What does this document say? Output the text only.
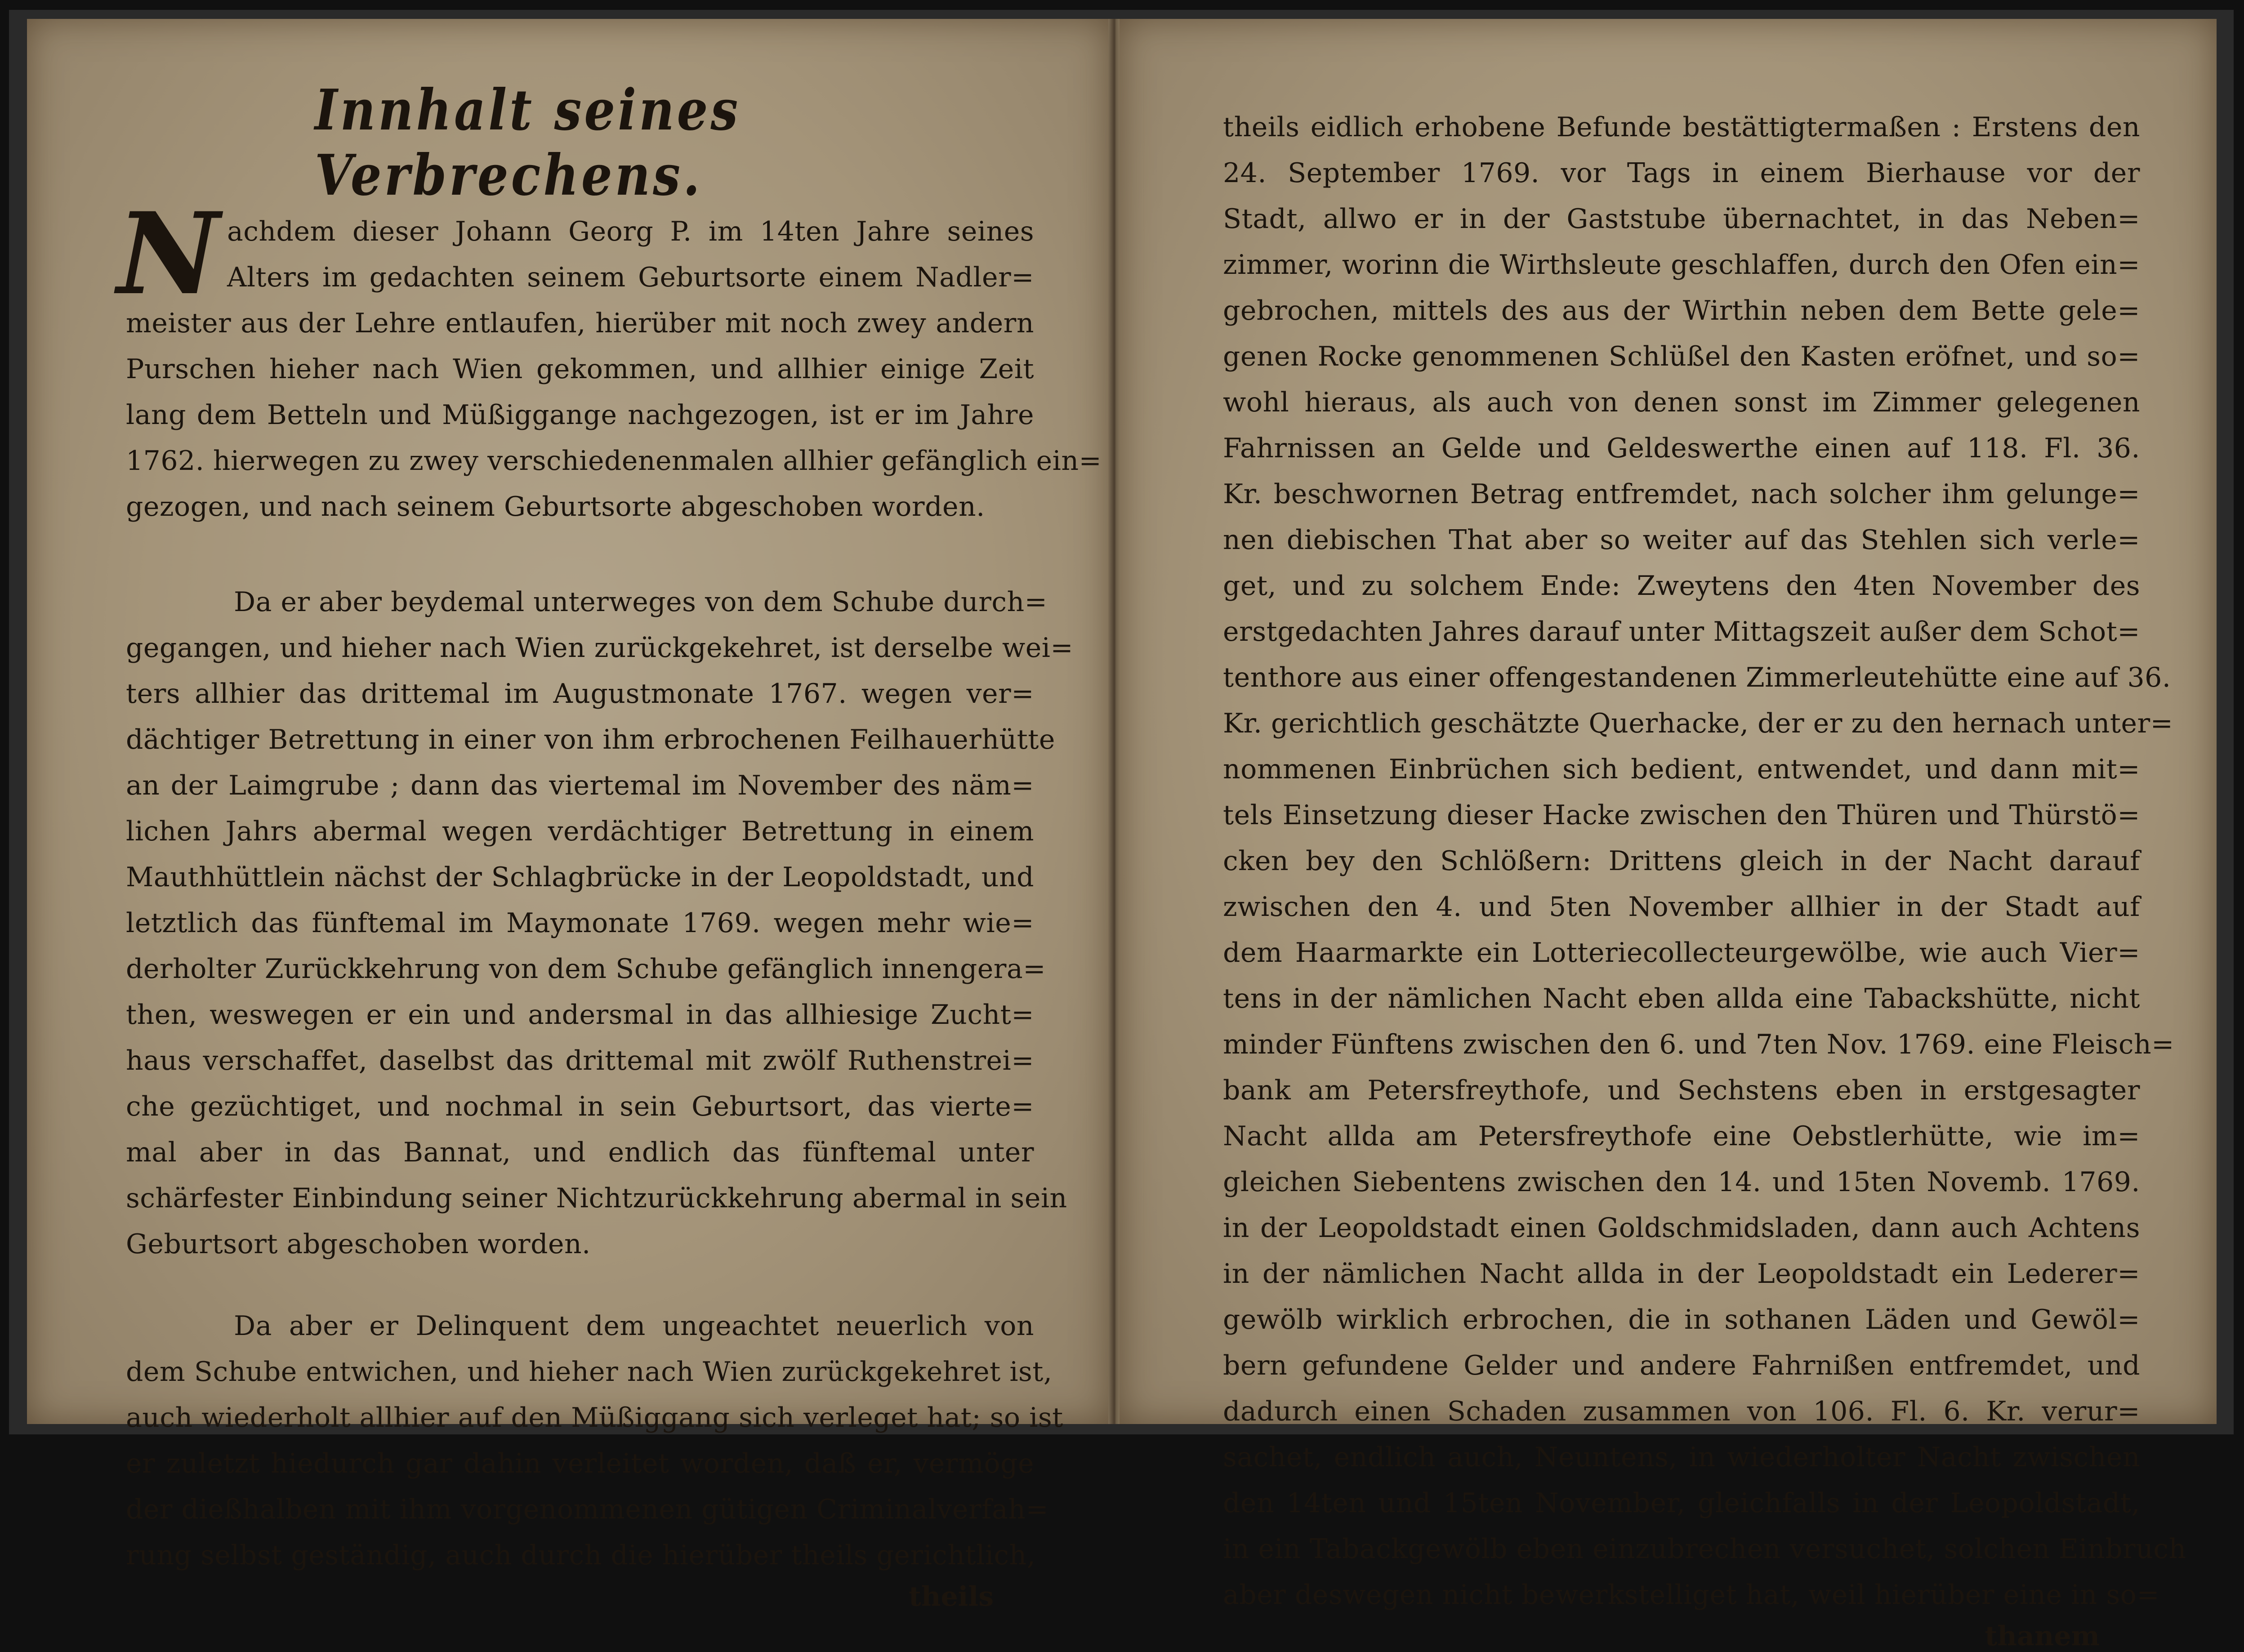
Innhalt seines Verbrechens.
N achdem dieser Johann Georg P. im 14ten Jahre seines
Alters im gedachten seinem Geburtsorte einem Nadler=
meister aus der Lehre entlaufen, hierüber mit noch zwey andern
Purschen hieher nach Wien gekommen, und allhier einige Zeit
lang dem Betteln und Müßiggange nachgezogen, ist er im Jahre
1762. hierwegen zu zwey verschiedenenmalen allhier gefänglich ein=
gezogen, und nach seinem Geburtsorte abgeschoben worden.
Da er aber beydemal unterweges von dem Schube durch=
gegangen, und hieher nach Wien zurückgekehret, ist derselbe wei=
ters allhier das drittemal im Augustmonate 1767. wegen ver=
dächtiger Betrettung in einer von ihm erbrochenen Feilhauerhütte
an der Laimgrube ; dann das viertemal im November des näm=
lichen Jahrs abermal wegen verdächtiger Betrettung in einem
Mauthhüttlein nächst der Schlagbrücke in der Leopoldstadt, und
letztlich das fünftemal im Maymonate 1769. wegen mehr wie=
derholter Zurückkehrung von dem Schube gefänglich innengera=
then, weswegen er ein und andersmal in das allhiesige Zucht=
haus verschaffet, daselbst das drittemal mit zwölf Ruthenstrei=
che gezüchtiget, und nochmal in sein Geburtsort, das vierte=
mal aber in das Bannat, und endlich das fünftemal unter
schärfester Einbindung seiner Nichtzurückkehrung abermal in sein
Geburtsort abgeschoben worden.
Da aber er Delinquent dem ungeachtet neuerlich von
dem Schube entwichen, und hieher nach Wien zurückgekehret ist,
auch wiederholt allhier auf den Müßiggang sich verleget hat; so ist
er zuletzt hiedurch gar dahin verleitet worden, daß er, vermöge
der dießhalben mit ihm vorgenommenen gütigen Criminalverfah=
rung selbst geständig, auch durch die hierüber theils gerichtlich,
theils
theils eidlich erhobene Befunde bestättigtermaßen : Erstens den
24. September 1769. vor Tags in einem Bierhause vor der
Stadt, allwo er in der Gaststube übernachtet, in das Neben=
zimmer, worinn die Wirthsleute geschlaffen, durch den Ofen ein=
gebrochen, mittels des aus der Wirthin neben dem Bette gele=
genen Rocke genommenen Schlüßel den Kasten eröfnet, und so=
wohl hieraus, als auch von denen sonst im Zimmer gelegenen
Fahrnissen an Gelde und Geldeswerthe einen auf 118. Fl. 36.
Kr. beschwornen Betrag entfremdet, nach solcher ihm gelunge=
nen diebischen That aber so weiter auf das Stehlen sich verle=
get, und zu solchem Ende: Zweytens den 4ten November des
erstgedachten Jahres darauf unter Mittagszeit außer dem Schot=
tenthore aus einer offengestandenen Zimmerleutehütte eine auf 36.
Kr. gerichtlich geschätzte Querhacke, der er zu den hernach unter=
nommenen Einbrüchen sich bedient, entwendet, und dann mit=
tels Einsetzung dieser Hacke zwischen den Thüren und Thürstö=
cken bey den Schlößern: Drittens gleich in der Nacht darauf
zwischen den 4. und 5ten November allhier in der Stadt auf
dem Haarmarkte ein Lotteriecollecteurgewölbe, wie auch Vier=
tens in der nämlichen Nacht eben allda eine Tabackshütte, nicht
minder Fünftens zwischen den 6. und 7ten Nov. 1769. eine Fleisch=
bank am Petersfreythofe, und Sechstens eben in erstgesagter
Nacht allda am Petersfreythofe eine Oebstlerhütte, wie im=
gleichen Siebentens zwischen den 14. und 15ten Novemb. 1769.
in der Leopoldstadt einen Goldschmidsladen, dann auch Achtens
in der nämlichen Nacht allda in der Leopoldstadt ein Lederer=
gewölb wirklich erbrochen, die in sothanen Läden und Gewöl=
bern gefundene Gelder und andere Fahrnißen entfremdet, und
dadurch einen Schaden zusammen von 106. Fl. 6. Kr. verur=
sachet, endlich auch, Neuntens, in wiederholter Nacht zwischen
den 14ten und 15ten November, gleichfalls in der Leopoldstadt,
in ein Tabackgewölb eben einzubrechen versuchet, solchen Einbruch
aber deswegen nicht bewerkstelliget hat, weil hierüber eine in so=
thanem
